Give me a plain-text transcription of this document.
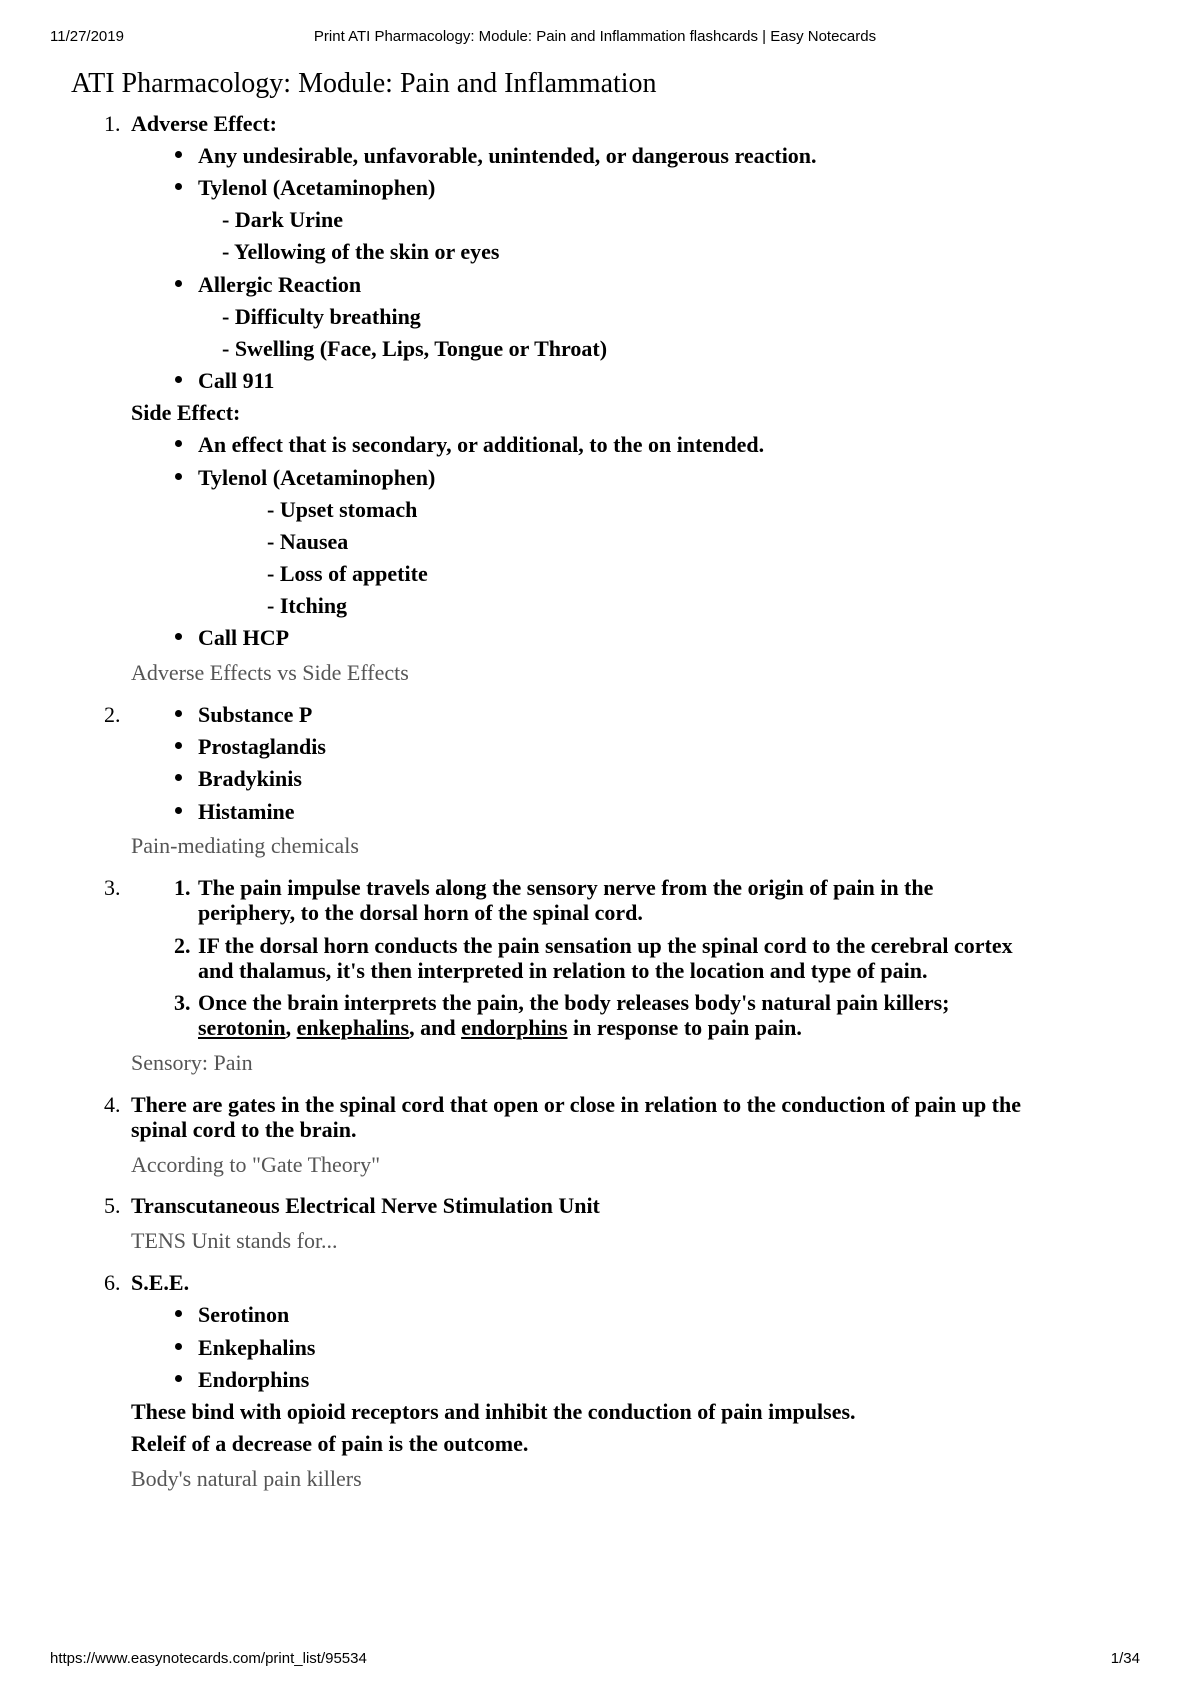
11/27/2019	Print ATI Pharmacology: Module: Pain and Inflammation flashcards | Easy Notecards
ATI Pharmacology: Module: Pain and Inflammation
1. Adverse Effect:
Any undesirable, unfavorable, unintended, or dangerous reaction.
Tylenol (Acetaminophen)
- Dark Urine
- Yellowing of the skin or eyes
Allergic Reaction
- Difficulty breathing
- Swelling (Face, Lips, Tongue or Throat)
Call 911
Side Effect:
An effect that is secondary, or additional, to the on intended.
Tylenol (Acetaminophen)
- Upset stomach
- Nausea
- Loss of appetite
- Itching
Call HCP
Adverse Effects vs Side Effects
2.	Substance P
Prostaglandis
Bradykinis
Histamine
Pain-mediating chemicals
3. 1. The pain impulse travels along the sensory nerve from the origin of pain in the
periphery, to the dorsal horn of the spinal cord.
2. IF the dorsal horn conducts the pain sensation up the spinal cord to the cerebral cortex
and thalamus, it's then interpreted in relation to the location and type of pain.
3. Once the brain interprets the pain, the body releases body's natural pain killers;
serotonin, enkephalins, and endorphins in response to pain pain.
Sensory: Pain
4. There are gates in the spinal cord that open or close in relation to the conduction of pain up the
spinal cord to the brain.
According to "Gate Theory"
5. Transcutaneous Electrical Nerve Stimulation Unit
TENS Unit stands for...
6. S.E.E.
Serotinon
Enkephalins
Endorphins
These bind with opioid receptors and inhibit the conduction of pain impulses.
Releif of a decrease of pain is the outcome.
Body's natural pain killers
https://www.easynotecards.com/print_list/95534	1/34
